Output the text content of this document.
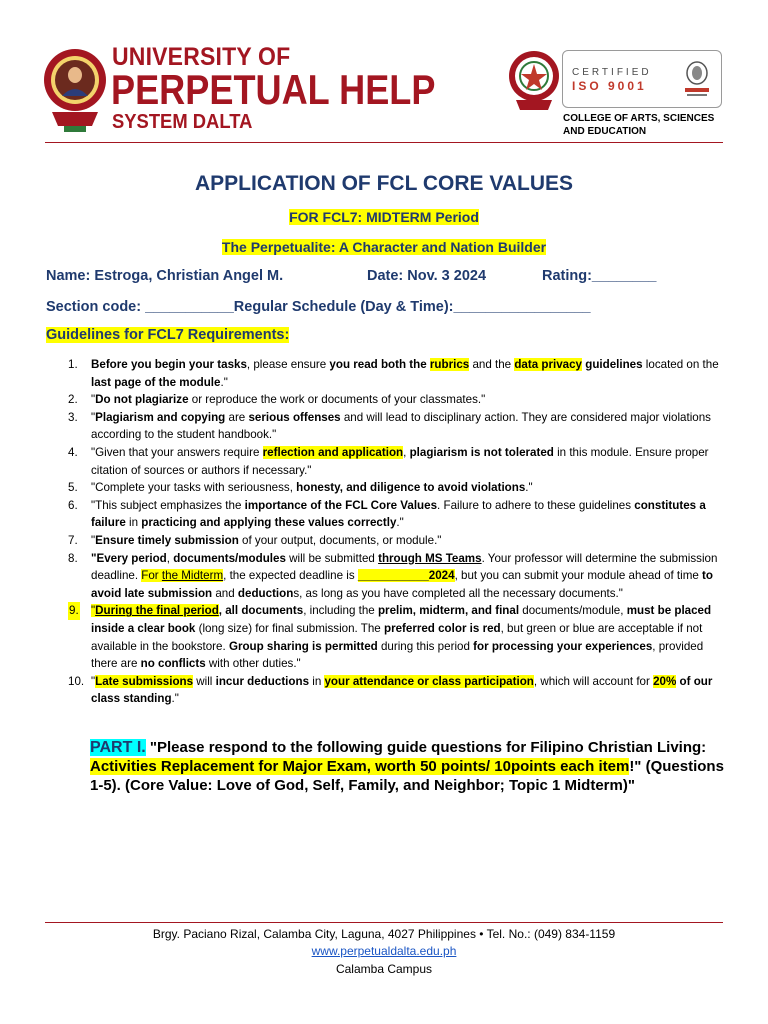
UNIVERSITY OF
PERPETUAL HELP
SYSTEM DALTA
CERTIFIED
ISO 9001
COLLEGE OF ARTS, SCIENCES AND EDUCATION
APPLICATION OF FCL CORE VALUES
FOR FCL7: MIDTERM Period
The Perpetualite: A Character and Nation Builder
Name: Estroga, Christian Angel M.	Date: Nov. 3 2024	Rating:________
Section code: ___________Regular Schedule (Day & Time):_________________
Guidelines for FCL7 Requirements:

1. Before you begin your tasks, please ensure you read both the rubrics and the data privacy guidelines located on the last page of the module."

2. "Do not plagiarize or reproduce the work or documents of your classmates."

3. "Plagiarism and copying are serious offenses and will lead to disciplinary action. They are considered major violations according to the student handbook."

4. "Given that your answers require reflection and application, plagiarism is not tolerated in this module. Ensure proper citation of sources or authors if necessary."

5. "Complete your tasks with seriousness, honesty, and diligence to avoid violations."

6. "This subject emphasizes the importance of the FCL Core Values. Failure to adhere to these guidelines constitutes a failure in practicing and applying these values correctly."

7. "Ensure timely submission of your output, documents, or module."

8. "Every period, documents/modules will be submitted through MS Teams. Your professor will determine the submission deadline. For the Midterm, the expected deadline is ___________2024, but you can submit your module ahead of time to avoid late submission and deductions, as long as you have completed all the necessary documents."

9. "During the final period, all documents, including the prelim, midterm, and final documents/module, must be placed inside a clear book (long size) for final submission. The preferred color is red, but green or blue are acceptable if not available in the bookstore. Group sharing is permitted during this period for processing your experiences, provided there are no conflicts with other duties."

10. "Late submissions will incur deductions in your attendance or class participation, which will account for 20% of our class standing."

PART I. "Please respond to the following guide questions for Filipino Christian Living: Activities Replacement for Major Exam, worth 50 points/ 10points each item!" (Questions 1-5). (Core Value: Love of God, Self, Family, and Neighbor; Topic 1 Midterm)"
Brgy. Paciano Rizal, Calamba City, Laguna, 4027 Philippines • Tel. No.: (049) 834-1159
www.perpetualdalta.edu.ph
Calamba Campus
